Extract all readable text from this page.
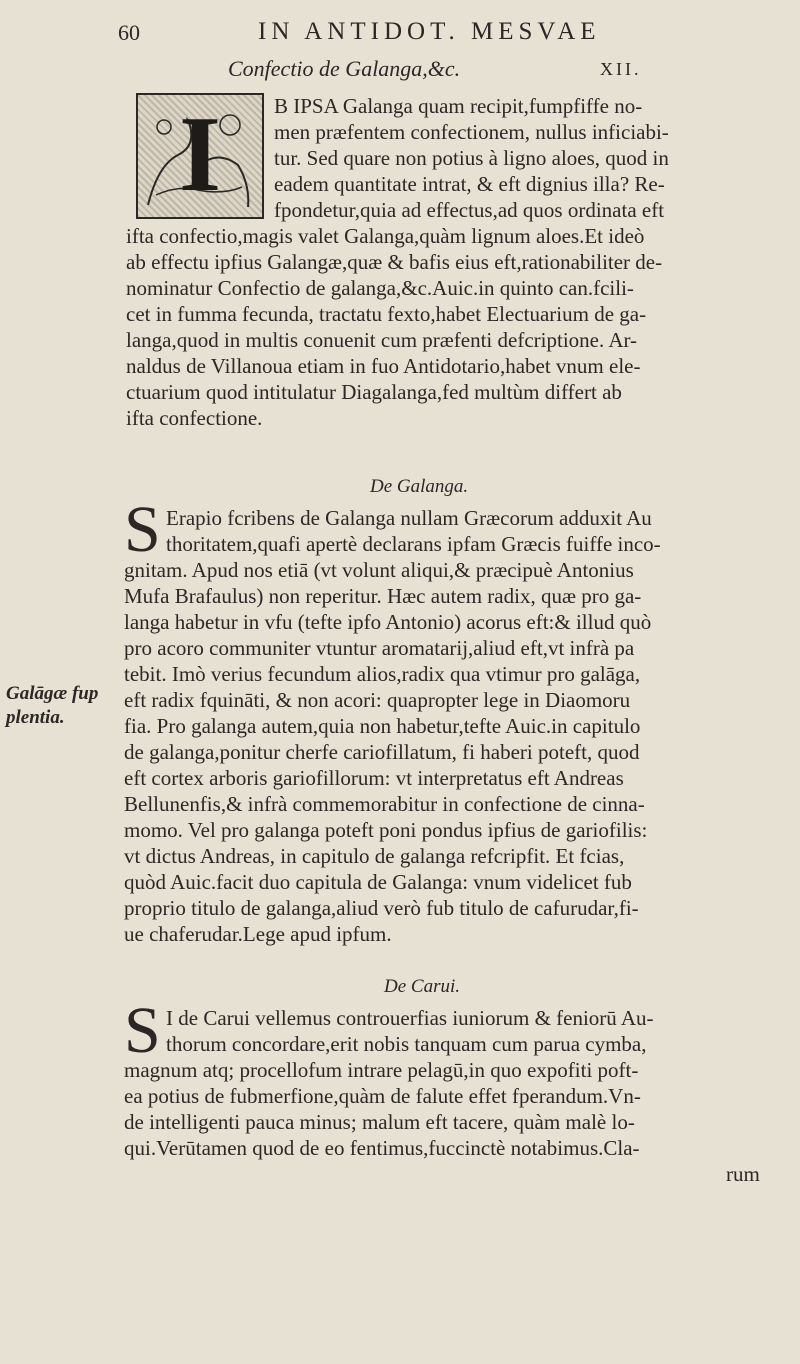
60	IN ANTIDOT. MESVAE
Confectio de Galanga,&c.	XII.
I	B IPSA Galanga quam recipit,fumpfiffe no-
men præfentem confectionem, nullus inficiabi-
tur. Sed quare non potius à ligno aloes, quod in
eadem quantitate intrat, & eft dignius illa? Re-
fpondetur,quia ad effectus,ad quos ordinata eft
ifta confectio,magis valet Galanga,quàm lignum aloes.Et ideò
ab effectu ipfius Galangæ,quæ & bafis eius eft,rationabiliter de-
nominatur Confectio de galanga,&c.Auic.in quinto can.fcili-
cet in fumma fecunda, tractatu fexto,habet Electuarium de ga-
langa,quod in multis conuenit cum præfenti defcriptione. Ar-
naldus de Villanoua etiam in fuo Antidotario,habet vnum ele-
ctuarium quod intitulatur Diagalanga,fed multùm differt ab
ifta confectione.
De Galanga.
S Erapio fcribens de Galanga nullam Græcorum adduxit Au
thoritatem,quafi apertè declarans ipfam Græcis fuiffe inco-
gnitam. Apud nos etiā (vt volunt aliqui,& præcipuè Antonius
Mufa Brafaulus) non reperitur. Hæc autem radix, quæ pro ga-
langa habetur in vfu (tefte ipfo Antonio) acorus eft:& illud quò
pro acoro communiter vtuntur aromatarij,aliud eft,vt infrà pa
tebit. Imò verius fecundum alios,radix qua vtimur pro galāga,
eft radix fquināti, & non acori: quapropter lege in Diaomoru
fia. Pro galanga autem,quia non habetur,tefte Auic.in capitulo
de galanga,ponitur cherfe cariofillatum, fi haberi poteft, quod
eft cortex arboris gariofillorum: vt interpretatus eft Andreas
Bellunenfis,& infrà commemorabitur in confectione de cinna-
momo. Vel pro galanga poteft poni pondus ipfius de gariofilis:
vt dictus Andreas, in capitulo de galanga refcripfit. Et fcias,
quòd Auic.facit duo capitula de Galanga: vnum videlicet fub
proprio titulo de galanga,aliud verò fub titulo de cafurudar,fi-
ue chaferudar.Lege apud ipfum.
Galāgæ fup
plentia.
De Carui.
S I de Carui vellemus controuerfias iuniorum & feniorū Au-
thorum concordare,erit nobis tanquam cum parua cymba,
magnum atq; procellofum intrare pelagū,in quo expofiti poft-
ea potius de fubmerfione,quàm de falute effet fperandum.Vn-
de intelligenti pauca minus; malum eft tacere, quàm malè lo-
qui.Verūtamen quod de eo fentimus,fuccinctè notabimus.Cla-
rum
